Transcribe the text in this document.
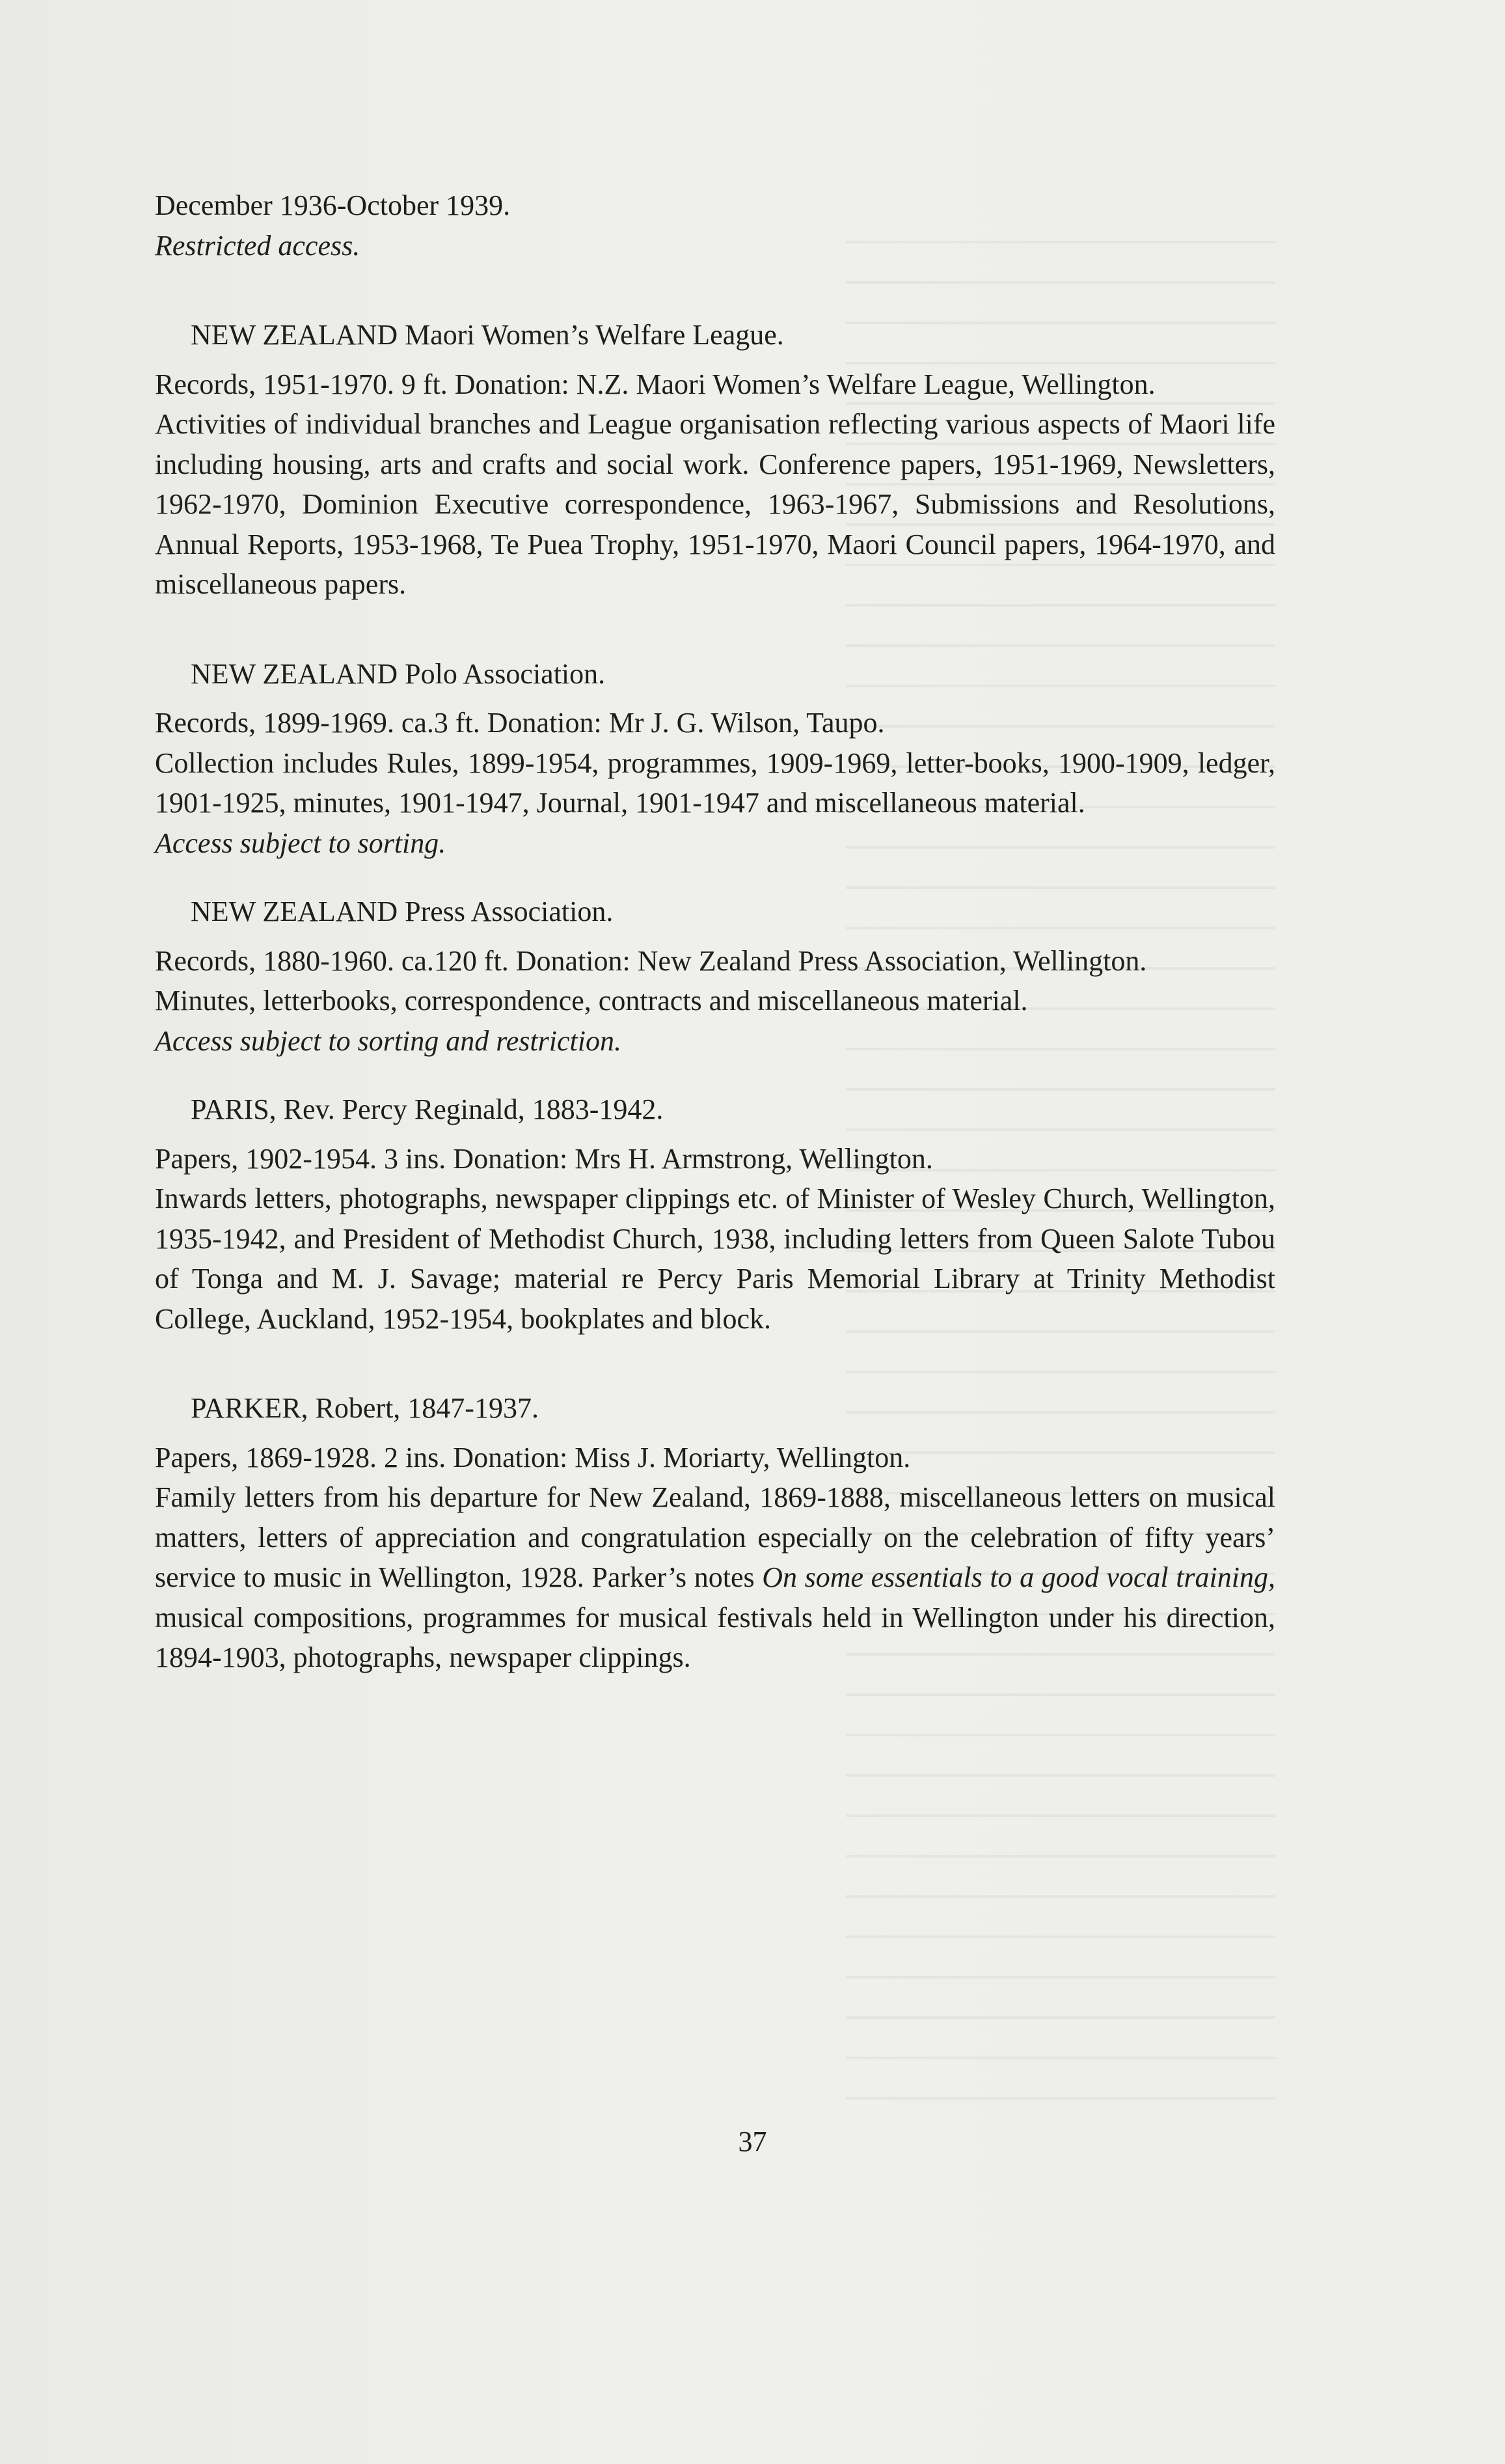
December 1936-October 1939.

Restricted access.

NEW ZEALAND Maori Women’s Welfare League.

Records, 1951-1970. 9 ft. Donation: N.Z. Maori Women’s Welfare League, Wellington.

Activities of individual branches and League organisation reflecting various aspects of Maori life including housing, arts and crafts and social work. Conference papers, 1951-1969, Newsletters, 1962-1970, Dominion Executive correspondence, 1963-1967, Submissions and Resolutions, Annual Reports, 1953-1968, Te Puea Trophy, 1951-1970, Maori Council papers, 1964-1970, and miscellaneous papers.

NEW ZEALAND Polo Association.

Records, 1899-1969. ca.3 ft. Donation: Mr J. G. Wilson, Taupo.

Collection includes Rules, 1899-1954, programmes, 1909-1969, letter-books, 1900-1909, ledger, 1901-1925, minutes, 1901-1947, Journal, 1901-1947 and miscellaneous material.

Access subject to sorting.

NEW ZEALAND Press Association.

Records, 1880-1960. ca.120 ft. Donation: New Zealand Press Association, Wellington.

Minutes, letterbooks, correspondence, contracts and miscellaneous material.

Access subject to sorting and restriction.

PARIS, Rev. Percy Reginald, 1883-1942.

Papers, 1902-1954. 3 ins. Donation: Mrs H. Armstrong, Wellington.

Inwards letters, photographs, newspaper clippings etc. of Minister of Wesley Church, Wellington, 1935-1942, and President of Methodist Church, 1938, including letters from Queen Salote Tubou of Tonga and M. J. Savage; material re Percy Paris Memorial Library at Trinity Methodist College, Auckland, 1952-1954, bookplates and block.

PARKER, Robert, 1847-1937.

Papers, 1869-1928. 2 ins. Donation: Miss J. Moriarty, Wellington.

Family letters from his departure for New Zealand, 1869-1888, miscellaneous letters on musical matters, letters of appreciation and congratulation especially on the celebration of fifty years’ service to music in Wellington, 1928. Parker’s notes On some essentials to a good vocal training, musical compositions, programmes for musical festivals held in Wellington under his direction, 1894-1903, photographs, newspaper clippings.

37
